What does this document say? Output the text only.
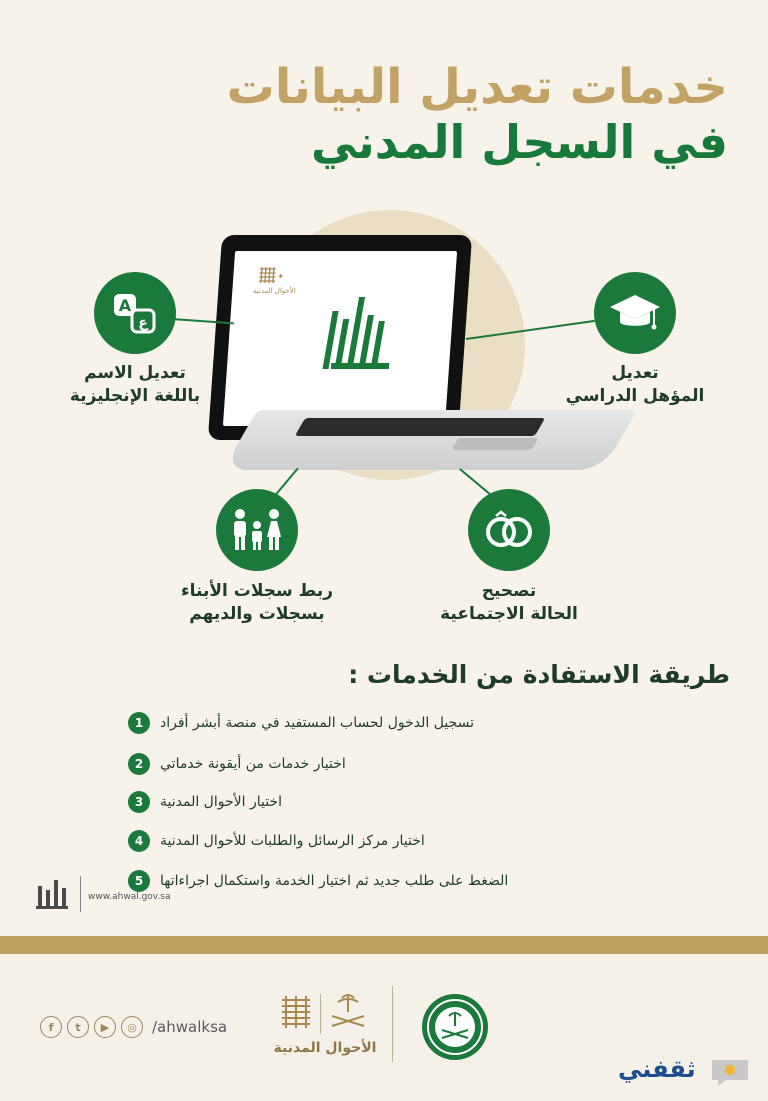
خدمات تعديل البيانات
في السجل المدني
✦
الأحوال المدنية
A
ع
تعديل الاسم
باللغة الإنجليزية
تعديل
المؤهل الدراسي
ربط سجلات الأبناء
بسجلات والديهم
تصحيح
الحالة الاجتماعية
طريقة الاستفادة من الخدمات :
1	تسجيل الدخول لحساب المستفيد في منصة أبشر أفراد
2	اختيار خدمات من أيقونة خدماتي
3	اختيار الأحوال المدنية
4	اختيار مركز الرسائل والطلبات للأحوال المدنية
5	الضغط على طلب جديد ثم اختيار الخدمة واستكمال اجراءاتها
www.ahwal.gov.sa
f	t	▶	◎	/ahwalksa
الأحوال المدنية
ثقفني
